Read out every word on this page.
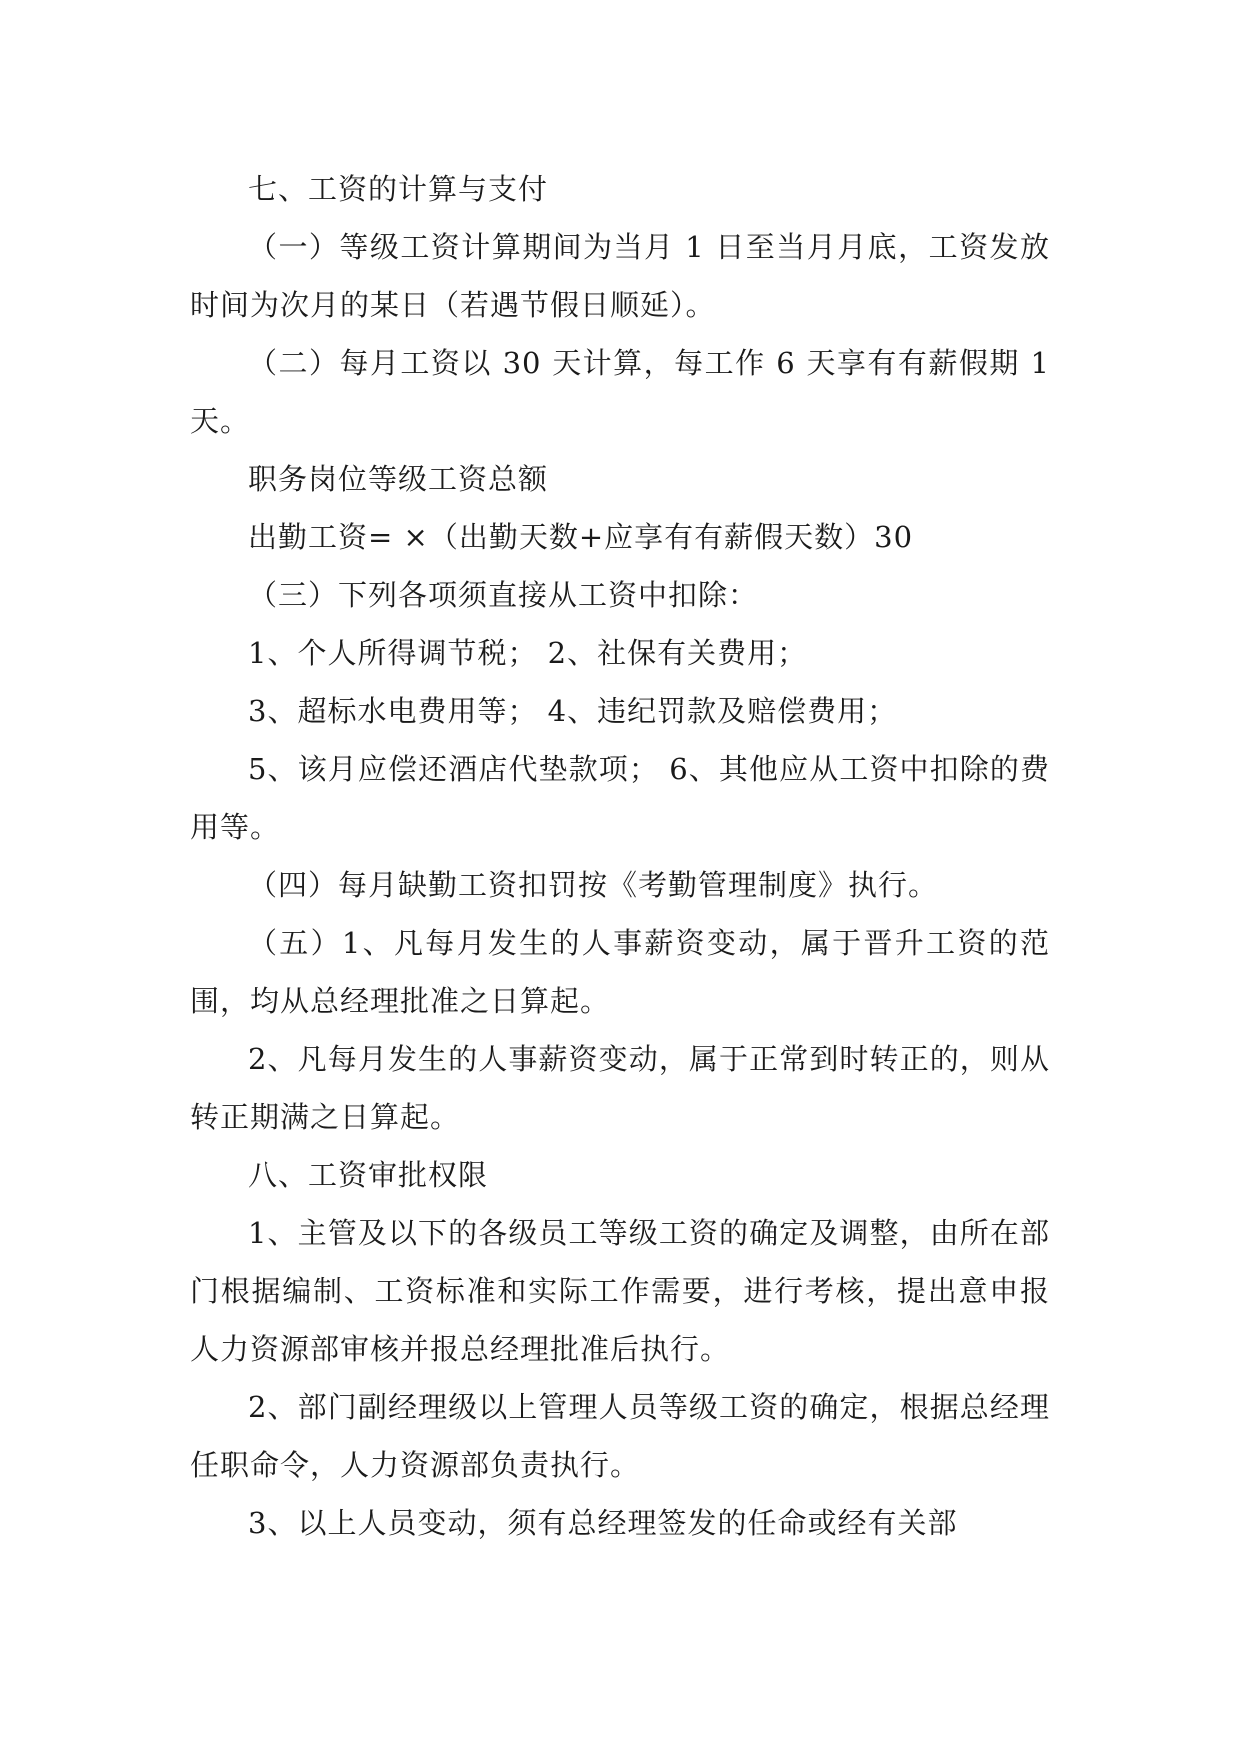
七、工资的计算与支付

（一）等级工资计算期间为当月 1 日至当月月底，工资发放时间为次月的某日（若遇节假日顺延）。

（二）每月工资以 30 天计算，每工作 6 天享有有薪假期 1 天。

职务岗位等级工资总额

出勤工资= ×（出勤天数+应享有有薪假天数）30

（三）下列各项须直接从工资中扣除：

1、个人所得调节税； 2、社保有关费用；

3、超标水电费用等； 4、违纪罚款及赔偿费用；

5、该月应偿还酒店代垫款项； 6、其他应从工资中扣除的费用等。

（四）每月缺勤工资扣罚按《考勤管理制度》执行。

（五）1、凡每月发生的人事薪资变动，属于晋升工资的范围，均从总经理批准之日算起。

2、凡每月发生的人事薪资变动，属于正常到时转正的，则从转正期满之日算起。

八、工资审批权限

1、主管及以下的各级员工等级工资的确定及调整，由所在部门根据编制、工资标准和实际工作需要，进行考核，提出意申报人力资源部审核并报总经理批准后执行。

2、部门副经理级以上管理人员等级工资的确定，根据总经理任职命令，人力资源部负责执行。

3、以上人员变动，须有总经理签发的任命或经有关部
